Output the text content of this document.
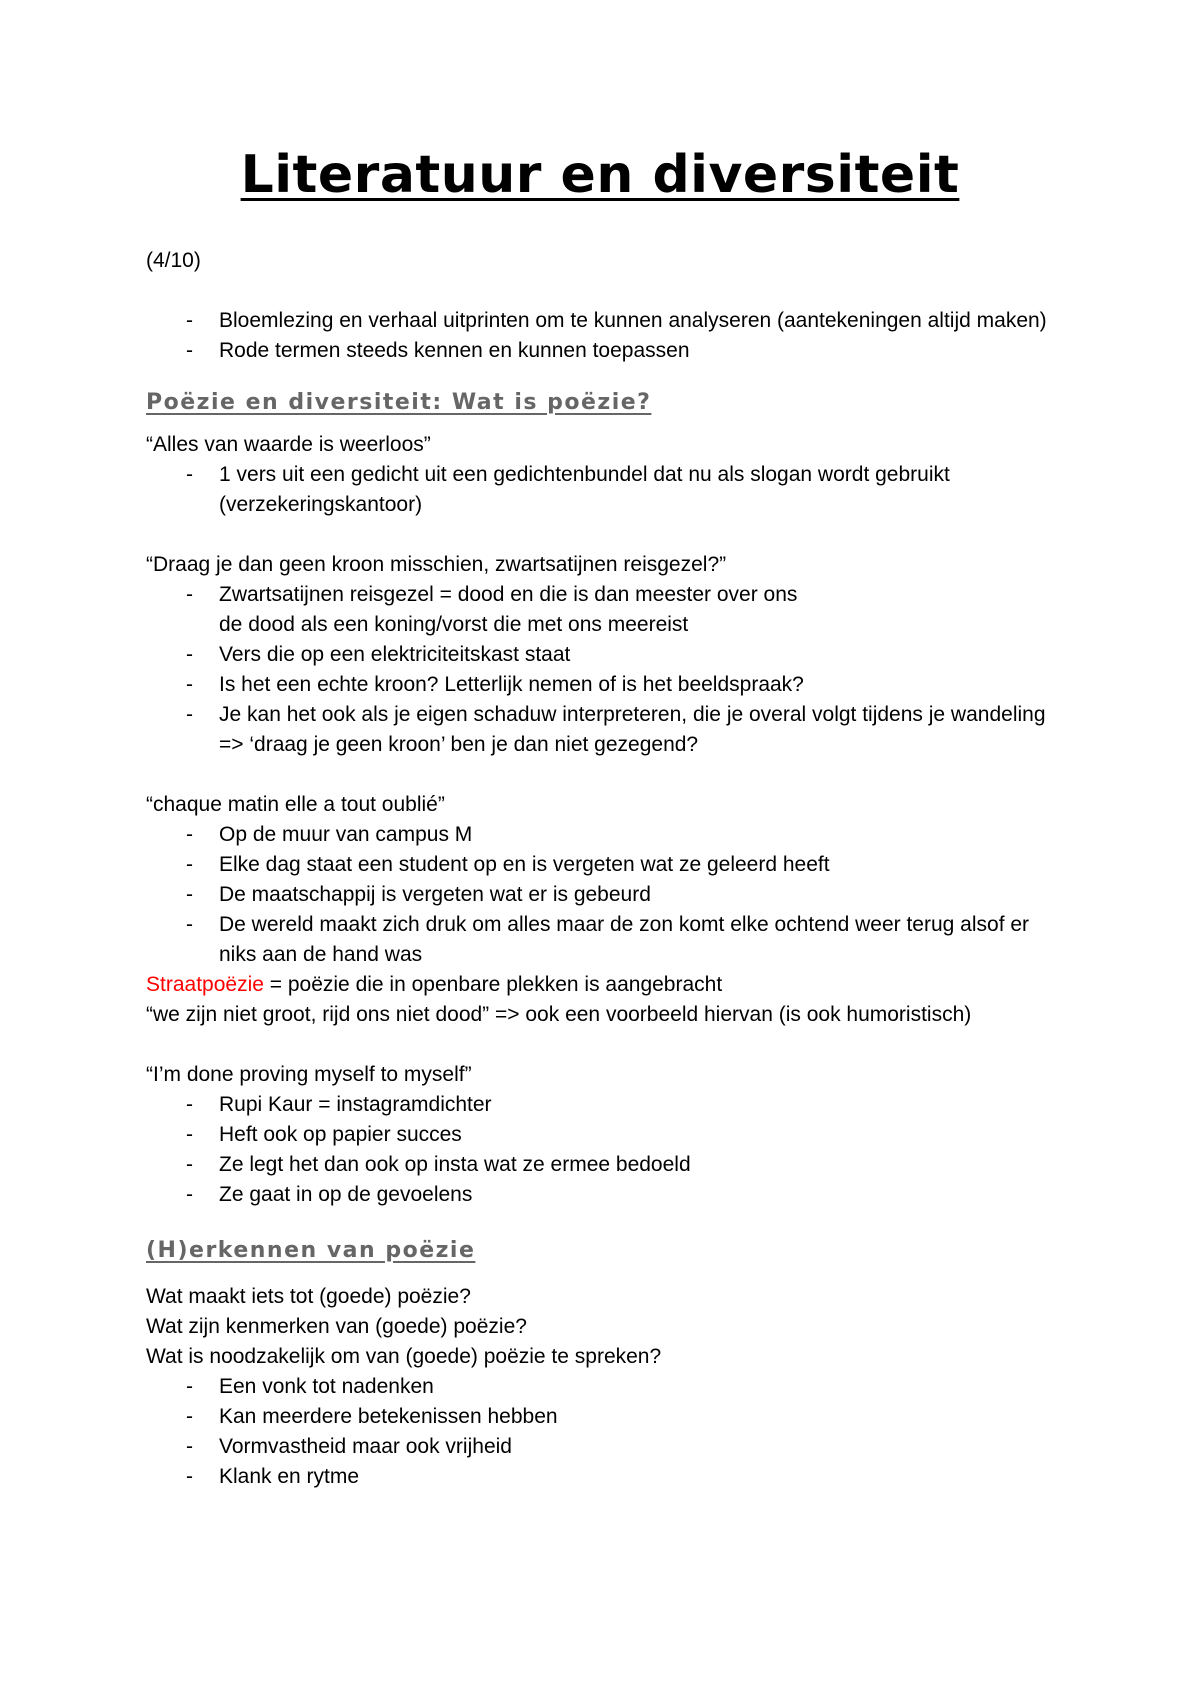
Literatuur en diversiteit

(4/10)

- Bloemlezing en verhaal uitprinten om te kunnen analyseren (aantekeningen altijd maken)
- Rode termen steeds kennen en kunnen toepassen

Poëzie en diversiteit: Wat is poëzie?

“Alles van waarde is weerloos”

- 1 vers uit een gedicht uit een gedichtenbundel dat nu als slogan wordt gebruikt (verzekeringskantoor)

“Draag je dan geen kroon misschien, zwartsatijnen reisgezel?”

- Zwartsatijnen reisgezel = dood en die is dan meester over ons
de dood als een koning/vorst die met ons meereist
- Vers die op een elektriciteitskast staat
- Is het een echte kroon? Letterlijk nemen of is het beeldspraak?
- Je kan het ook als je eigen schaduw interpreteren, die je overal volgt tijdens je wandeling => ‘draag je geen kroon’ ben je dan niet gezegend?

“chaque matin elle a tout oublié”

- Op de muur van campus M
- Elke dag staat een student op en is vergeten wat ze geleerd heeft
- De maatschappij is vergeten wat er is gebeurd
- De wereld maakt zich druk om alles maar de zon komt elke ochtend weer terug alsof er niks aan de hand was

Straatpoëzie = poëzie die in openbare plekken is aangebracht

“we zijn niet groot, rijd ons niet dood” => ook een voorbeeld hiervan (is ook humoristisch)

“I’m done proving myself to myself”

- Rupi Kaur = instagramdichter
- Heft ook op papier succes
- Ze legt het dan ook op insta wat ze ermee bedoeld
- Ze gaat in op de gevoelens

(H)erkennen van poëzie

Wat maakt iets tot (goede) poëzie?

Wat zijn kenmerken van (goede) poëzie?

Wat is noodzakelijk om van (goede) poëzie te spreken?

- Een vonk tot nadenken
- Kan meerdere betekenissen hebben
- Vormvastheid maar ook vrijheid
- Klank en rytme
